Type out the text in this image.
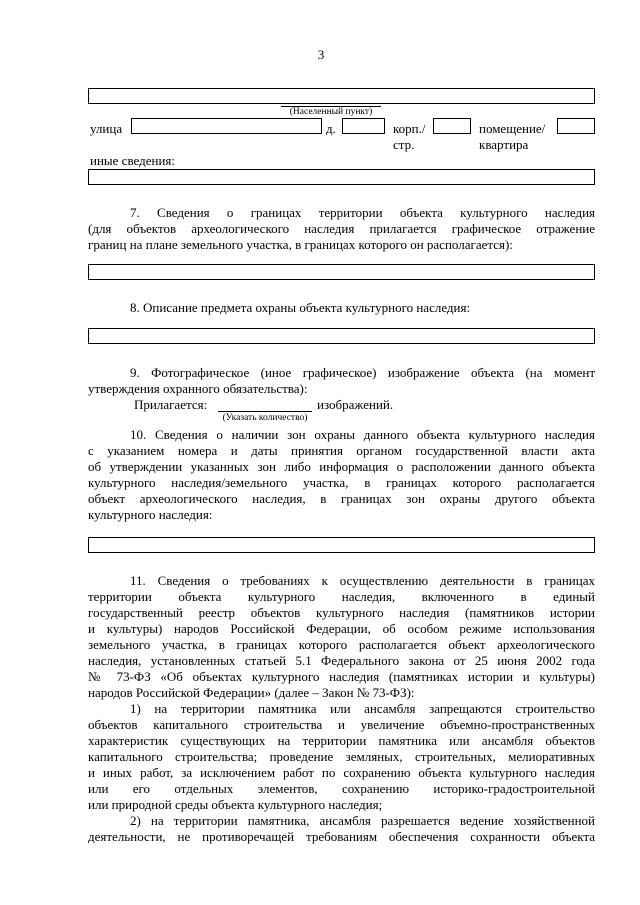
3
(Населенный пункт)
улица	д.	корп./
стр.
помещение/
квартира
иные сведения:
7. Сведения о границах территории объекта культурного наследия
(для объектов археологического наследия прилагается графическое отражение
границ на плане земельного участка, в границах которого он располагается):
8. Описание предмета охраны объекта культурного наследия:
9. Фотографическое (иное графическое) изображение объекта (на момент
утверждения охранного обязательства):
Прилагается:	изображений.
(Указать количество)
10. Сведения о наличии зон охраны данного объекта культурного наследия
с указанием номера и даты принятия органом государственной власти акта
об утверждении указанных зон либо информация о расположении данного объекта
культурного наследия/земельного участка, в границах которого располагается
объект археологического наследия, в границах зон охраны другого объекта
культурного наследия:
11. Сведения о требованиях к осуществлению деятельности в границах
территории объекта культурного наследия, включенного в единый
государственный реестр объектов культурного наследия (памятников истории
и культуры) народов Российской Федерации, об особом режиме использования
земельного участка, в границах которого располагается объект археологического
наследия, установленных статьей 5.1 Федерального закона от 25 июня 2002 года
№ 73-ФЗ «Об объектах культурного наследия (памятниках истории и культуры)
народов Российской Федерации» (далее – Закон № 73-ФЗ):
1) на территории памятника или ансамбля запрещаются строительство
объектов капитального строительства и увеличение объемно-пространственных
характеристик существующих на территории памятника или ансамбля объектов
капитального строительства; проведение земляных, строительных, мелиоративных
и иных работ, за исключением работ по сохранению объекта культурного наследия
или его отдельных элементов, сохранению историко-градостроительной
или природной среды объекта культурного наследия;
2) на территории памятника, ансамбля разрешается ведение хозяйственной
деятельности, не противоречащей требованиям обеспечения сохранности объекта
